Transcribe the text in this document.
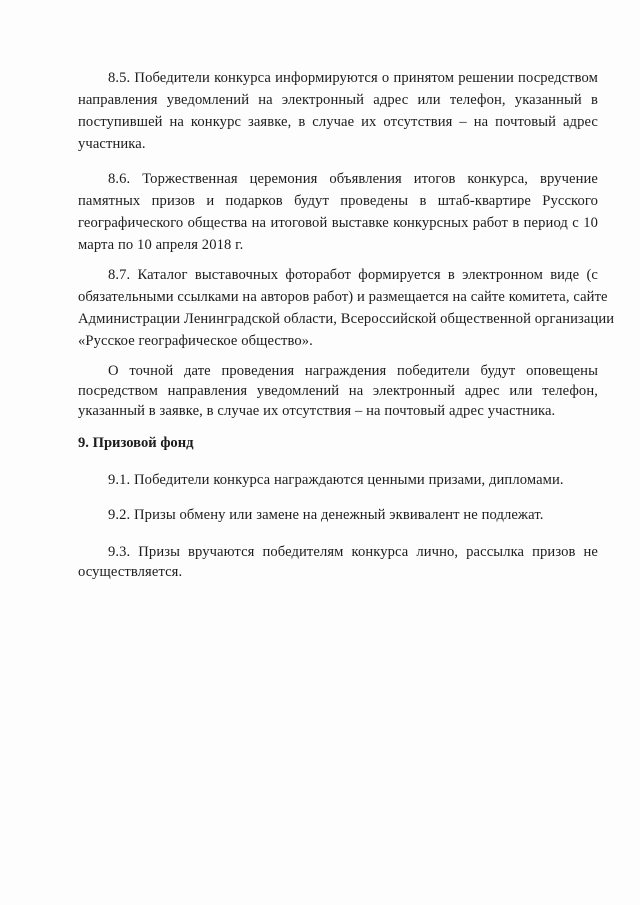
8.5. Победители конкурса информируются о принятом решении посредством
направления уведомлений на электронный адрес или телефон, указанный в
поступившей на конкурс заявке, в случае их отсутствия – на почтовый адрес
участника.
8.6. Торжественная церемония объявления итогов конкурса, вручение
памятных призов и подарков будут проведены в штаб-квартире Русского
географического общества на итоговой выставке конкурсных работ в период с 10
марта по 10 апреля 2018 г.
8.7. Каталог выставочных фоторабот формируется в электронном виде (с
обязательными ссылками на авторов работ) и размещается на сайте комитета, сайте
Администрации Ленинградской области, Всероссийской общественной организации
«Русское географическое общество».
О точной дате проведения награждения победители будут оповещены
посредством направления уведомлений на электронный адрес или телефон,
указанный в заявке, в случае их отсутствия – на почтовый адрес участника.
9. Призовой фонд
9.1. Победители конкурса награждаются ценными призами, дипломами.
9.2. Призы обмену или замене на денежный эквивалент не подлежат.
9.3. Призы вручаются победителям конкурса лично, рассылка призов не
осуществляется.
